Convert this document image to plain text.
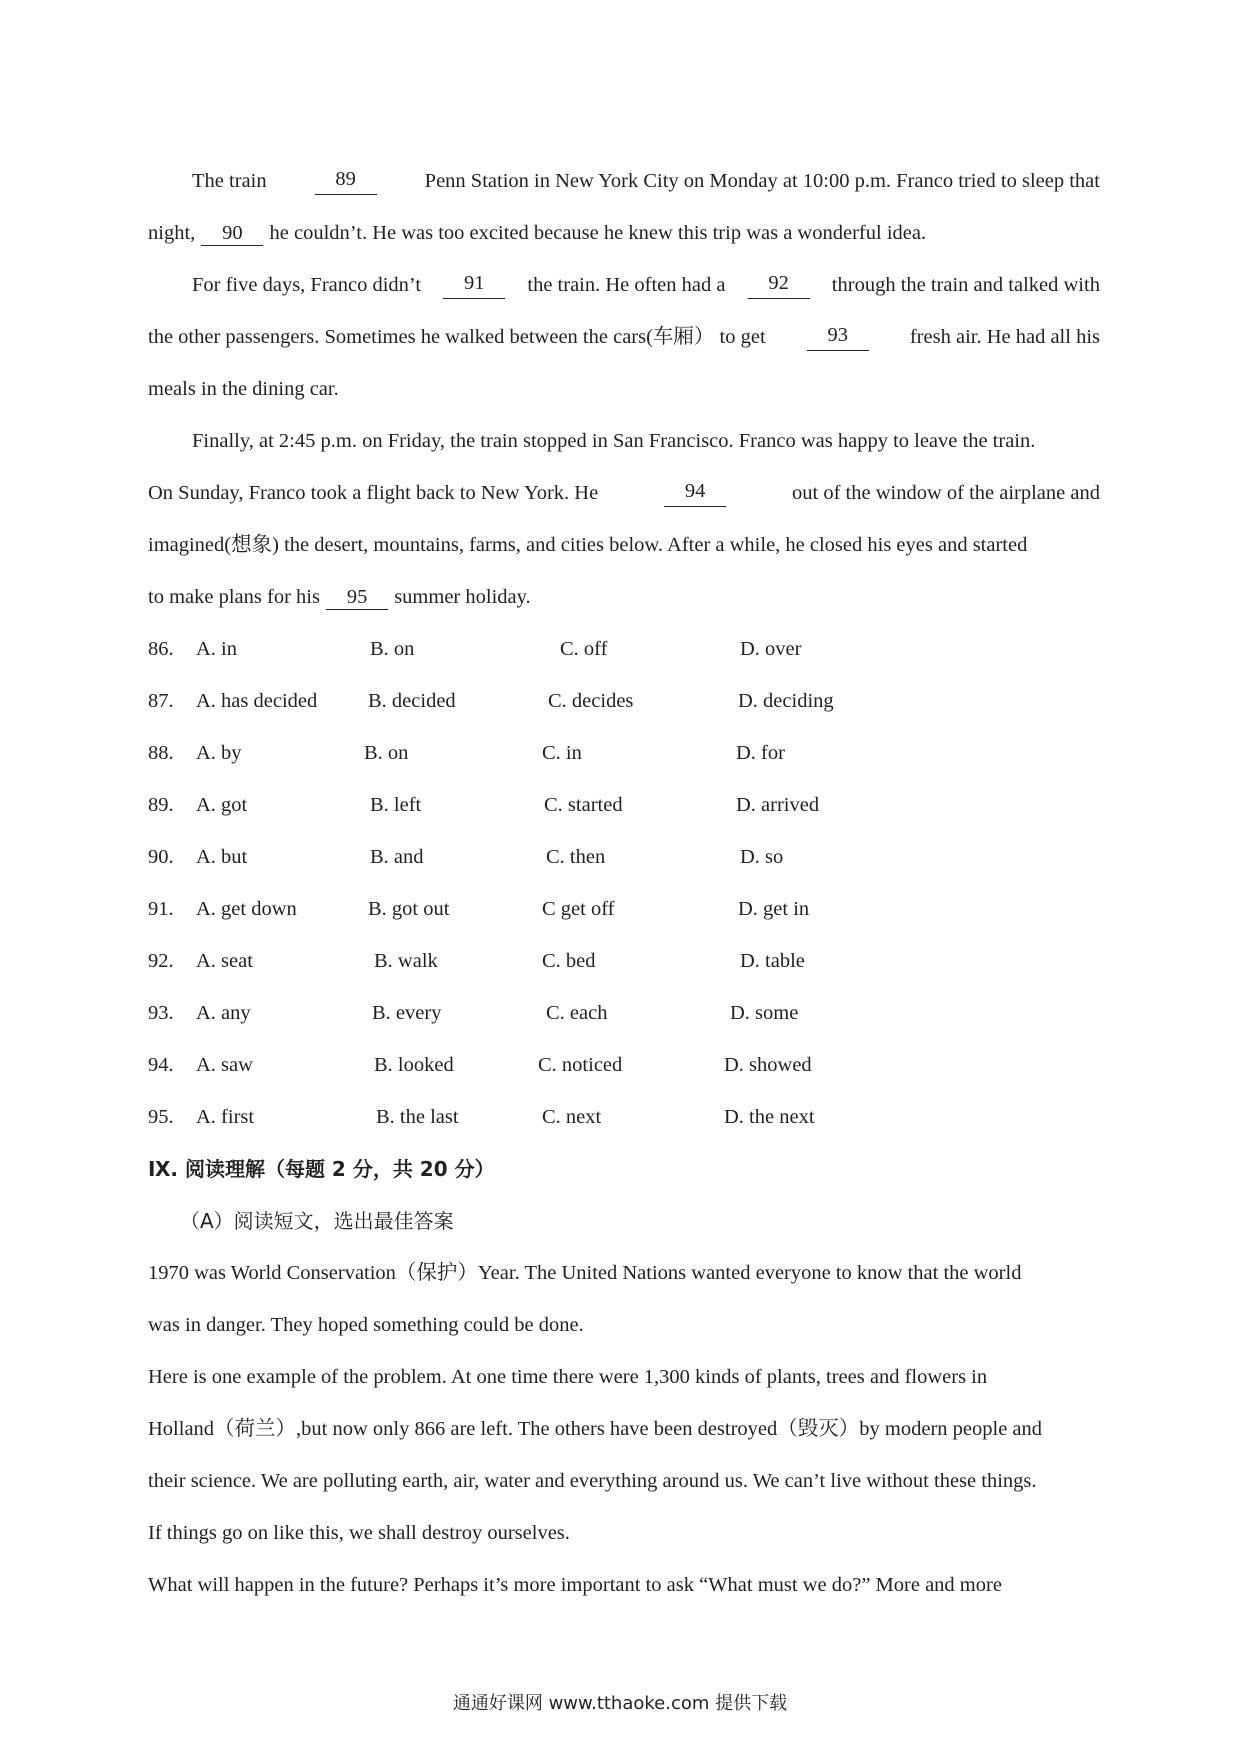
The train	89	Penn Station in New York City on Monday at 10:00 p.m. Franco tried to sleep that
night, 90 he couldn’t. He was too excited because he knew this trip was a wonderful idea.
For five days, Franco didn’t	91	the train. He often had a	92	through the train and talked with
the other passengers. Sometimes he walked between the cars(车厢） to get	93	fresh air. He had all his
meals in the dining car.
Finally, at 2:45 p.m. on Friday, the train stopped in San Francisco. Franco was happy to leave the train.
On Sunday, Franco took a flight back to New York. He	94	out of the window of the airplane and
imagined(想象) the desert, mountains, farms, and cities below. After a while, he closed his eyes and started
to make plans for his 95 summer holiday.
86. A. in	B. on	C. off	D. over
87. A. has decided B. decided	C. decides	D. deciding
88. A. by	B. on	C. in	D. for
89. A. got	B. left	C. started	D. arrived
90. A. but	B. and	C. then	D. so
91. A. get down	B. got out	C get off	D. get in
92. A. seat	B. walk	C. bed	D. table
93. A. any	B. every	C. each	D. some
94. A. saw	B. looked	C. noticed	D. showed
95. A. first	B. the last	C. next	D. the next
Ⅸ. 阅读理解（每题 2 分，共 20 分）
（A）阅读短文，选出最佳答案
1970 was World Conservation（保护）Year. The United Nations wanted everyone to know that the world
was in danger. They hoped something could be done.
Here is one example of the problem. At one time there were 1,300 kinds of plants, trees and flowers in
Holland（荷兰）,but now only 866 are left. The others have been destroyed（毁灭）by modern people and
their science. We are polluting earth, air, water and everything around us. We can’t live without these things.
If things go on like this, we shall destroy ourselves.
What will happen in the future? Perhaps it’s more important to ask “What must we do?” More and more
通通好课网 www.tthaoke.com 提供下载
